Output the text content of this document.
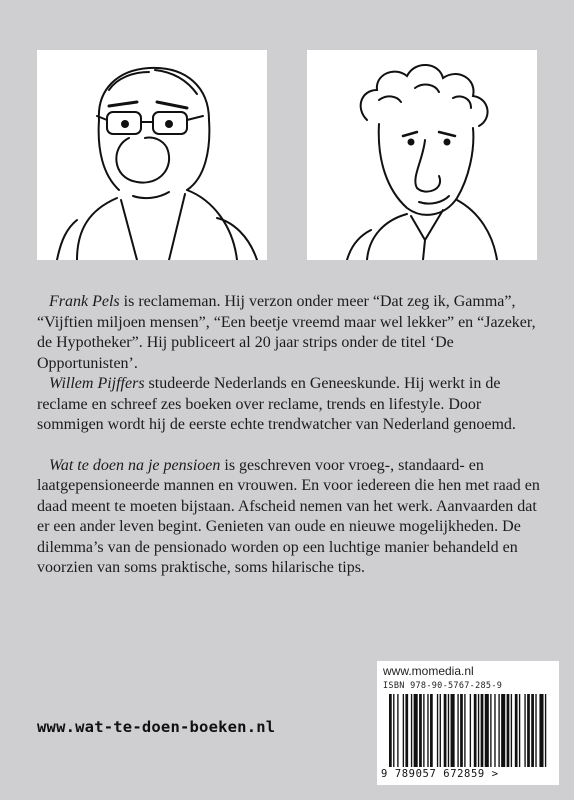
Frank Pels is reclameman. Hij verzon onder meer “Dat zeg ik, Gamma”, “Vijftien miljoen mensen”, “Een beetje vreemd maar wel lekker” en “Jazeker, de Hypotheker”. Hij publiceert al 20 jaar strips onder de titel ‘De Opportunisten’.

Willem Pijffers studeerde Nederlands en Geneeskunde. Hij werkt in de reclame en schreef zes boeken over reclame, trends en lifestyle. Door sommigen wordt hij de eerste echte trendwatcher van Nederland genoemd.

Wat te doen na je pensioen is geschreven voor vroeg-, standaard- en laatgepensioneerde mannen en vrouwen. En voor iedereen die hen met raad en daad meent te moeten bijstaan. Afscheid nemen van het werk. Aanvaarden dat er een ander leven begint. Genieten van oude en nieuwe mogelijkheden. De dilemma’s van de pensionado worden op een luchtige manier behandeld en voorzien van soms praktische, soms hilarische tips.

www.wat-te-doen-boeken.nl
www.momedia.nl
ISBN 978-90-5767-285-9
9 789057 672859 >
